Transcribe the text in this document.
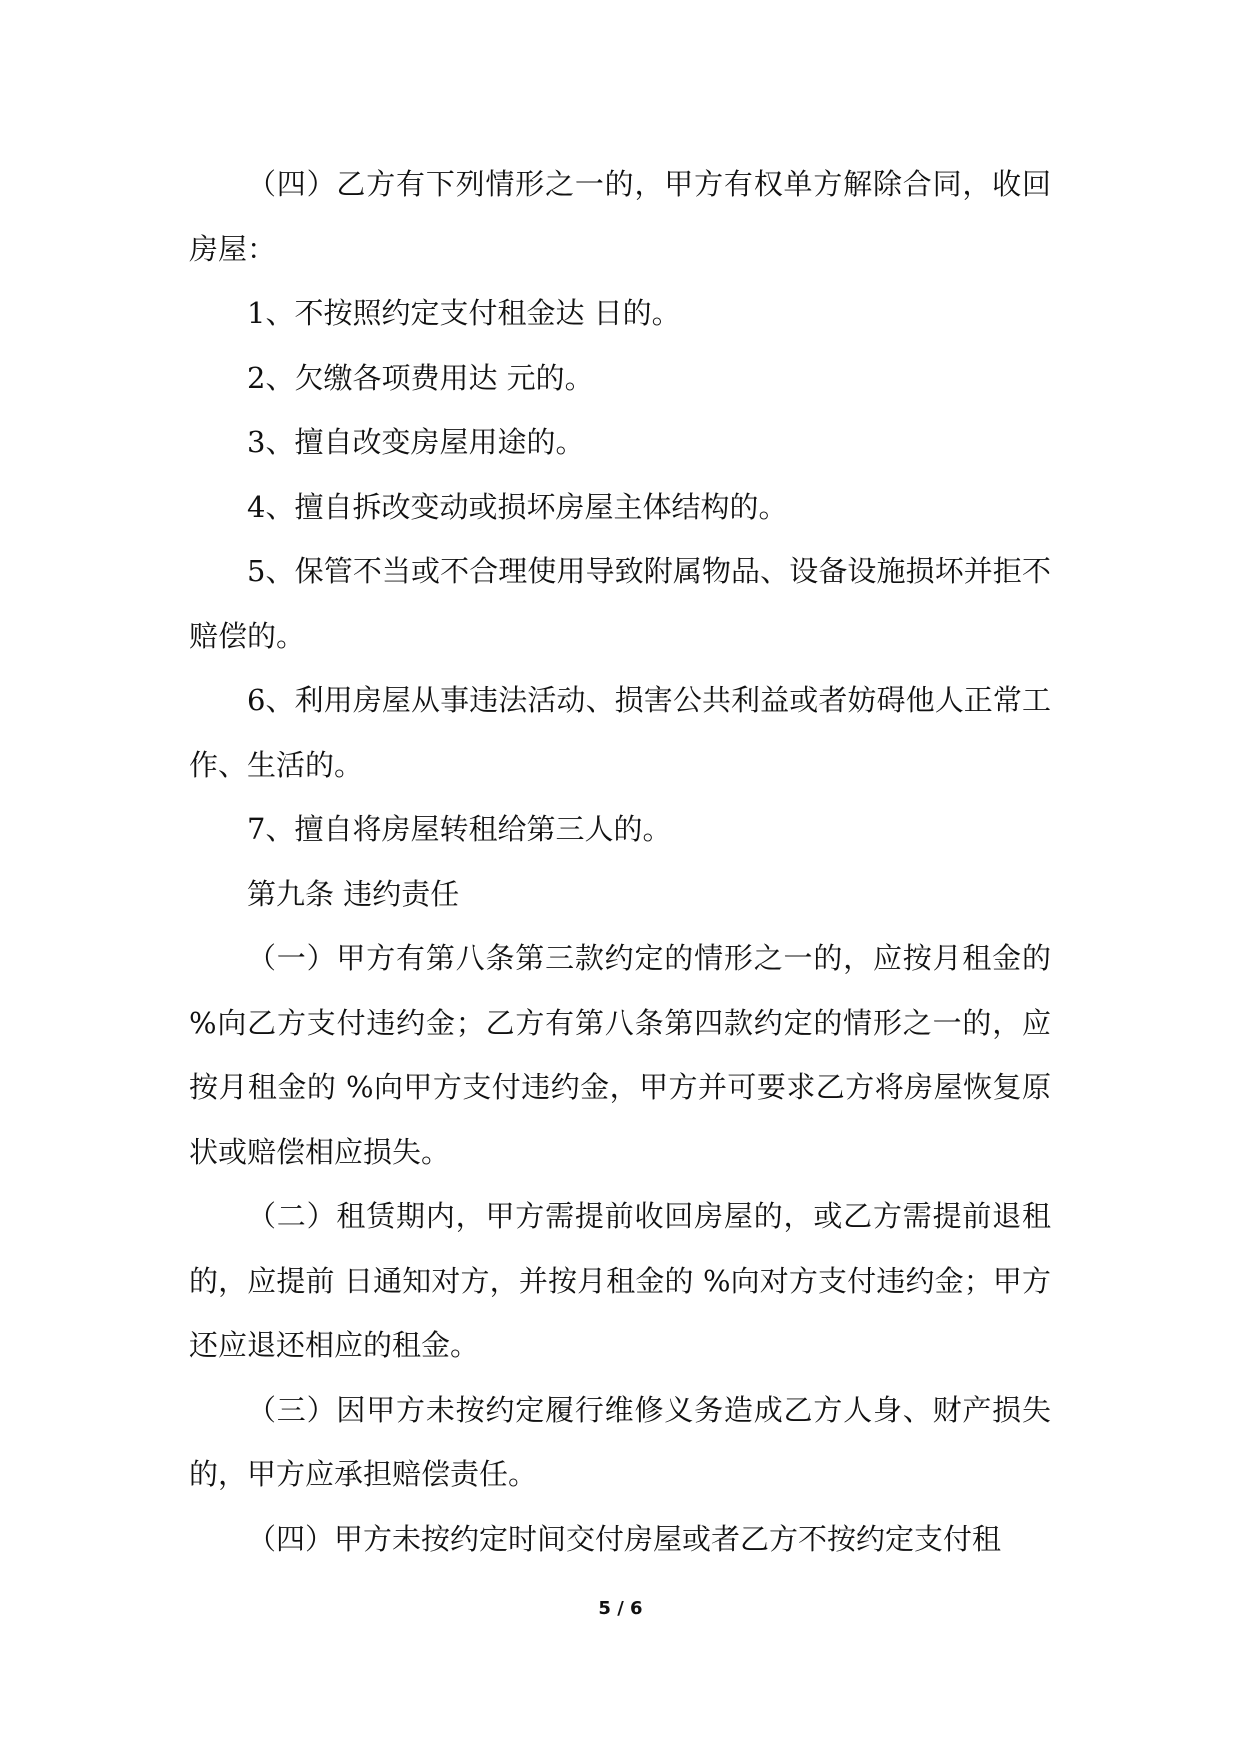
（四）乙方有下列情形之一的，甲方有权单方解除合同，收回房屋：

1、不按照约定支付租金达 日的。

2、欠缴各项费用达 元的。

3、擅自改变房屋用途的。

4、擅自拆改变动或损坏房屋主体结构的。

5、保管不当或不合理使用导致附属物品、设备设施损坏并拒不赔偿的。

6、利用房屋从事违法活动、损害公共利益或者妨碍他人正常工作、生活的。

7、擅自将房屋转租给第三人的。

第九条 违约责任

（一）甲方有第八条第三款约定的情形之一的，应按月租金的 %向乙方支付违约金；乙方有第八条第四款约定的情形之一的，应按月租金的 %向甲方支付违约金，甲方并可要求乙方将房屋恢复原状或赔偿相应损失。

（二）租赁期内，甲方需提前收回房屋的，或乙方需提前退租的，应提前 日通知对方，并按月租金的 %向对方支付违约金；甲方还应退还相应的租金。

（三）因甲方未按约定履行维修义务造成乙方人身、财产损失的，甲方应承担赔偿责任。

（四）甲方未按约定时间交付房屋或者乙方不按约定支付租

5 / 6
